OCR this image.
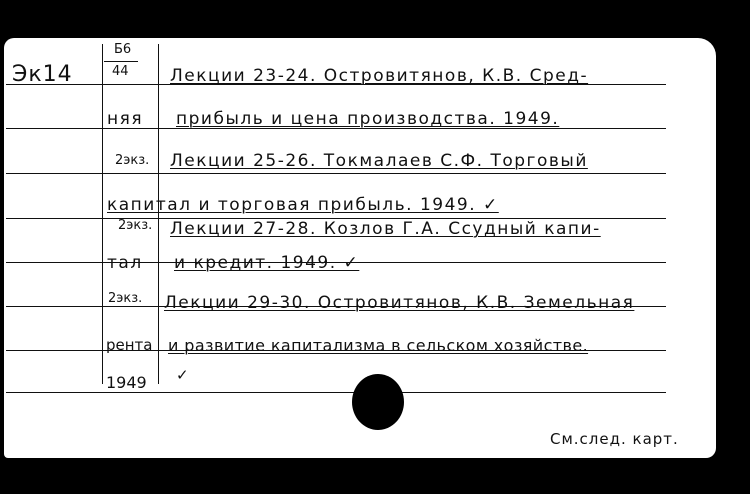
Эк14
Б6
44 Лекции 23-24. Островитянов, К.В. Сред-
няя прибыль и цена производства. 1949.
2экз. Лекции 25-26. Токмалаев С.Ф. Торговый
капитал и торговая прибыль. 1949. ✓
2экз. Лекции 27-28. Козлов Г.А. Ссудный капи-
тал и кредит. 1949. ✓
2экз. Лекции 29-30. Островитянов, К.В. Земельная
рента и развитие капитализма в сельском хозяйстве.
1949 ✓
См.след. карт.
